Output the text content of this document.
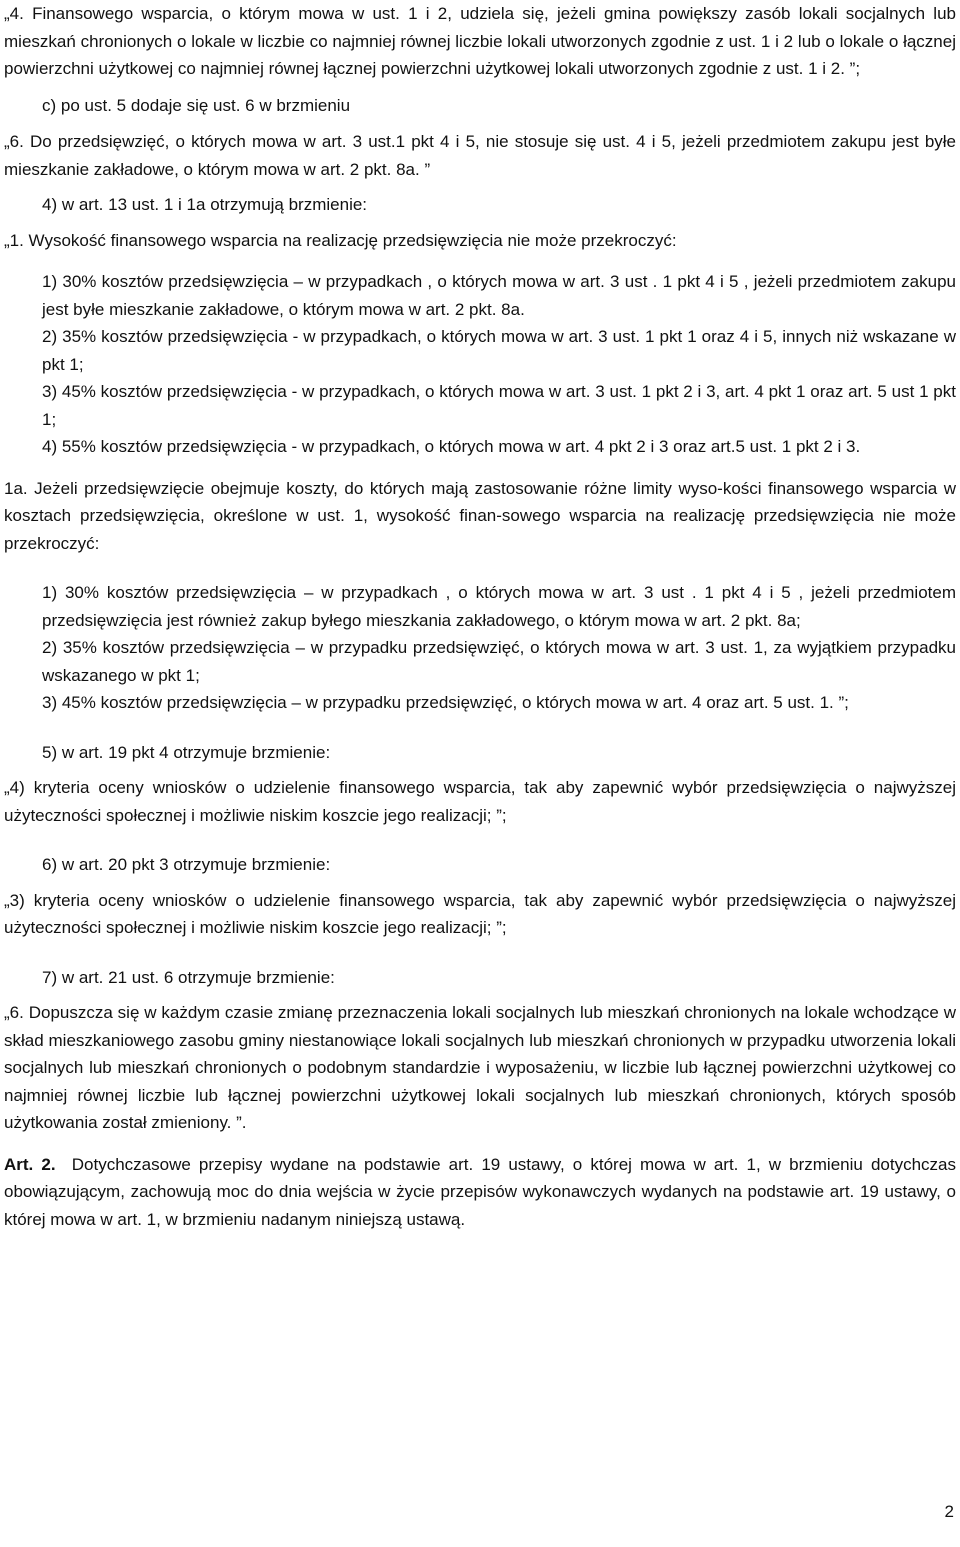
„4. Finansowego wsparcia, o którym mowa w ust. 1 i 2, udziela się, jeżeli gmina powiększy zasób lokali socjalnych lub mieszkań chronionych o lokale w liczbie co najmniej równej liczbie lokali utworzonych zgodnie z ust. 1 i 2 lub o lokale o łącznej powierzchni użytkowej co najmniej równej łącznej powierzchni użytkowej lokali utworzonych zgodnie z ust. 1 i 2. ”;

c) po ust. 5 dodaje się ust. 6 w brzmieniu

„6. Do przedsięwzięć, o których mowa w art. 3 ust.1 pkt 4 i 5, nie stosuje się ust. 4 i 5, jeżeli przedmiotem zakupu jest byłe mieszkanie zakładowe, o którym mowa w art. 2 pkt. 8a. ”

4) w art. 13 ust. 1 i 1a otrzymują brzmienie:

„1. Wysokość finansowego wsparcia na realizację przedsięwzięcia nie może przekroczyć:

1) 30% kosztów przedsięwzięcia – w przypadkach , o których mowa w art. 3 ust . 1 pkt 4 i 5 , jeżeli przedmiotem zakupu jest byłe mieszkanie zakładowe, o którym mowa w art. 2 pkt. 8a.

2) 35% kosztów przedsięwzięcia - w przypadkach, o których mowa w art. 3 ust. 1 pkt 1 oraz 4 i 5, innych niż wskazane w pkt 1;

3) 45% kosztów przedsięwzięcia - w przypadkach, o których mowa w art. 3 ust. 1 pkt 2 i 3, art. 4 pkt 1 oraz art. 5 ust 1 pkt 1;

4) 55% kosztów przedsięwzięcia - w przypadkach, o których mowa w art. 4 pkt 2 i 3 oraz art.5 ust. 1 pkt 2 i 3.

1a. Jeżeli przedsięwzięcie obejmuje koszty, do których mają zastosowanie różne limity wyso-kości finansowego wsparcia w kosztach przedsięwzięcia, określone w ust. 1, wysokość finan-sowego wsparcia na realizację przedsięwzięcia nie może przekroczyć:

1) 30% kosztów przedsięwzięcia – w przypadkach , o których mowa w art. 3 ust . 1 pkt 4 i 5 , jeżeli przedmiotem przedsięwzięcia jest również zakup byłego mieszkania zakładowego, o którym mowa w art. 2 pkt. 8a;

2) 35% kosztów przedsięwzięcia – w przypadku przedsięwzięć, o których mowa w art. 3 ust. 1, za wyjątkiem przypadku wskazanego w pkt 1;

3) 45% kosztów przedsięwzięcia – w przypadku przedsięwzięć, o których mowa w art. 4 oraz art. 5 ust. 1. ”;

5) w art. 19 pkt 4 otrzymuje brzmienie:

„4) kryteria oceny wniosków o udzielenie finansowego wsparcia, tak aby zapewnić wybór przedsięwzięcia o najwyższej użyteczności społecznej i możliwie niskim koszcie jego realizacji; ”;

6) w art. 20 pkt 3 otrzymuje brzmienie:

„3) kryteria oceny wniosków o udzielenie finansowego wsparcia, tak aby zapewnić wybór przedsięwzięcia o najwyższej użyteczności społecznej i możliwie niskim koszcie jego realizacji; ”;

7) w art. 21 ust. 6 otrzymuje brzmienie:

„6. Dopuszcza się w każdym czasie zmianę przeznaczenia lokali socjalnych lub mieszkań chronionych na lokale wchodzące w skład mieszkaniowego zasobu gminy niestanowiące lokali socjalnych lub mieszkań chronionych w przypadku utworzenia lokali socjalnych lub mieszkań chronionych o podobnym standardzie i wyposażeniu, w liczbie lub łącznej powierzchni użytkowej co najmniej równej liczbie lub łącznej powierzchni użytkowej lokali socjalnych lub mieszkań chronionych, których sposób użytkowania został zmieniony. ”.

Art. 2. Dotychczasowe przepisy wydane na podstawie art. 19 ustawy, o której mowa w art. 1, w brzmieniu dotychczas obowiązującym, zachowują moc do dnia wejścia w życie przepisów wykonawczych wydanych na podstawie art. 19 ustawy, o której mowa w art. 1, w brzmieniu nadanym niniejszą ustawą.

2
